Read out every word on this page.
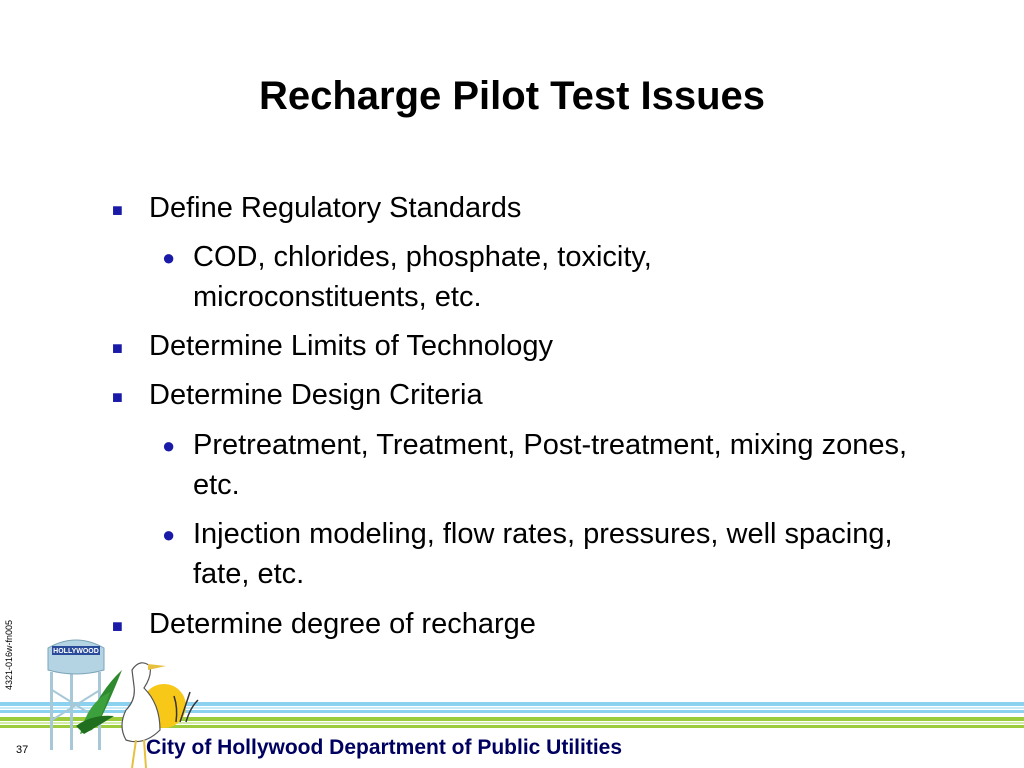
Recharge Pilot Test Issues
■ Define Regulatory Standards
● COD, chlorides, phosphate, toxicity, microconstituents, etc.
■ Determine Limits of Technology
■ Determine Design Criteria
● Pretreatment, Treatment, Post-treatment, mixing zones, etc.
● Injection modeling, flow rates, pressures, well spacing, fate, etc.
■ Determine degree of recharge
4321-016w-fn005	HOLLYWOOD
37	City of Hollywood Department of Public Utilities
